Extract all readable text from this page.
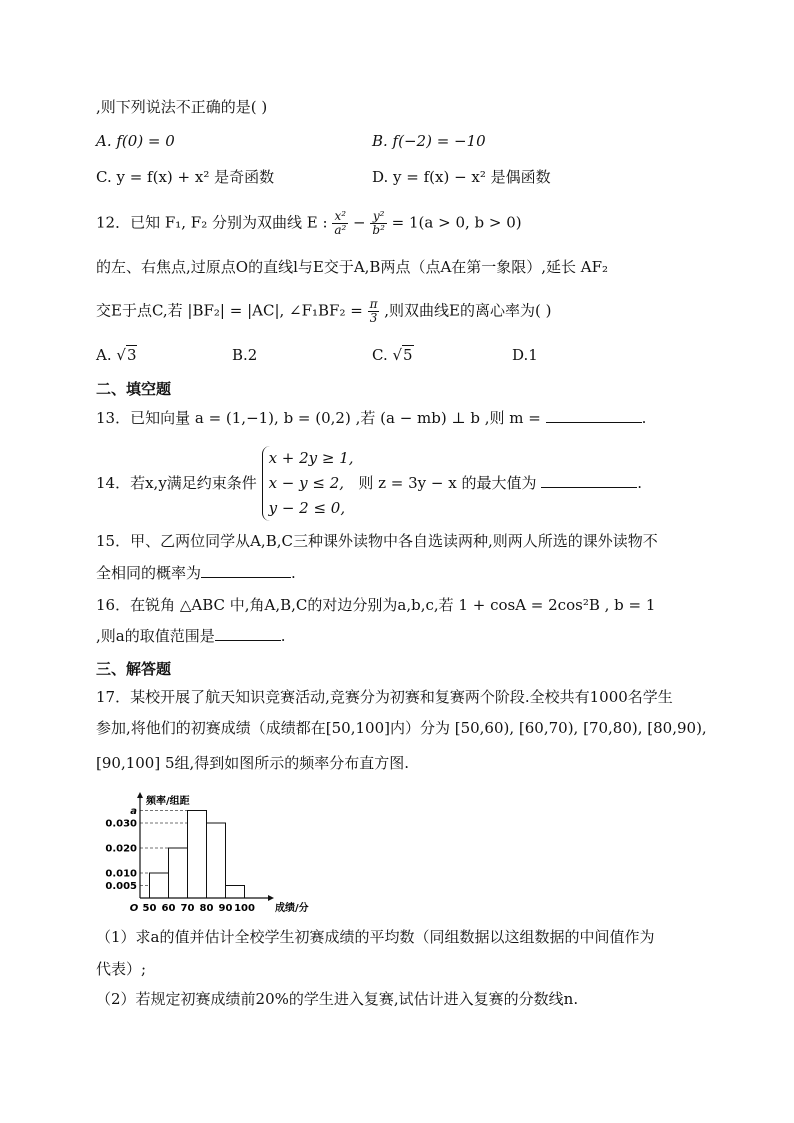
,则下列说法不正确的是( )
A. f(0) = 0	B. f(−2) = −10
C. y = f(x) + x² 是奇函数	D. y = f(x) − x² 是偶函数
12．已知 F₁, F₂ 分别为双曲线 E : $\frac{\text{x²}}{\text{a²}} - \frac{\text{y²}}{\text{b²}} = 1(a > 0$, b > 0)
的左、右焦点,过原点O的直线l与E交于A,B两点（点A在第一象限）,延长 AF₂
交E于点C,若 |BF₂| = |AC|, ∠F₁BF₂ = $\frac{\pi}{3}$ ,则双曲线E的离心率为( )
A. √3	B.2	C. √5	D.1
二、填空题
13．已知向量 a = (1,−1), b = (0,2) ,若 (a − mb) ⊥ b ,则 m =	.
14．若x,y满足约束条件
x + 2y ≥ 1,
x − y ≤ 2,
y − 2 ≤ 0,
则 z = 3y − x 的最大值为	.
15．甲、乙两位同学从A,B,C三种课外读物中各自选读两种,则两人所选的课外读物不
全相同的概率为	.
16．在锐角 △ABC 中,角A,B,C的对边分别为a,b,c,若 1 + cosA = 2cos²B , b = 1
,则a的取值范围是	.
三、解答题
17．某校开展了航天知识竞赛活动,竞赛分为初赛和复赛两个阶段.全校共有1000名学生
参加,将他们的初赛成绩（成绩都在[50,100]内）分为 [50,60), [60,70), [70,80), [80,90),
[90,100] 5组,得到如图所示的频率分布直方图.
0.005
0.010
0.020
0.030
a
50 60 70 80 90 100
O	成绩/分
频率/组距
（1）求a的值并估计全校学生初赛成绩的平均数（同组数据以这组数据的中间值作为
代表）;
（2）若规定初赛成绩前20%的学生进入复赛,试估计进入复赛的分数线n.
